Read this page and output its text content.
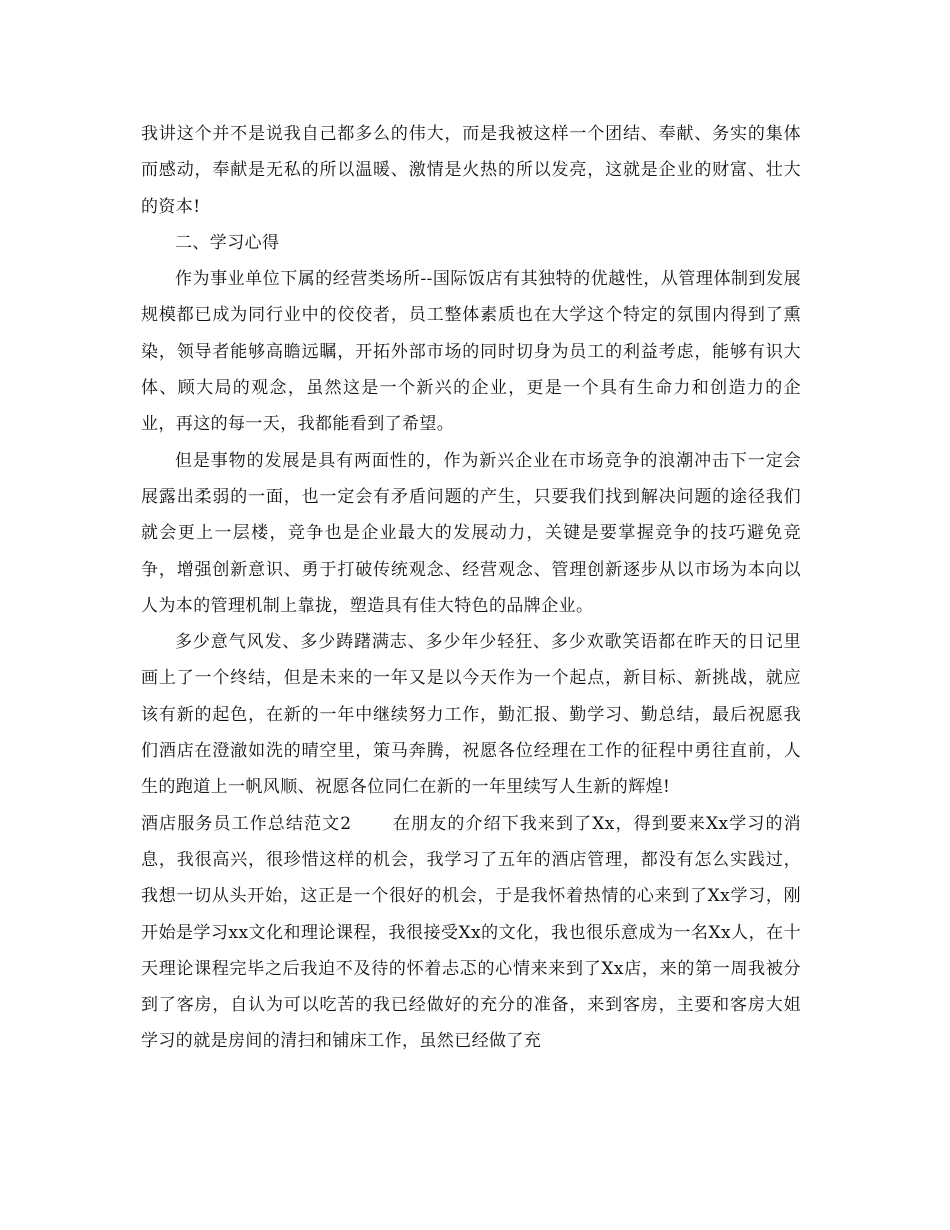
我讲这个并不是说我自己都多么的伟大，而是我被这样一个团结、奉献、务实的集体而感动，奉献是无私的所以温暖、激情是火热的所以发亮，这就是企业的财富、壮大的资本!

二、学习心得

作为事业单位下属的经营类场所--国际饭店有其独特的优越性，从管理体制到发展规模都已成为同行业中的佼佼者，员工整体素质也在大学这个特定的氛围内得到了熏染，领导者能够高瞻远瞩，开拓外部市场的同时切身为员工的利益考虑，能够有识大体、顾大局的观念，虽然这是一个新兴的企业，更是一个具有生命力和创造力的企业，再这的每一天，我都能看到了希望。

但是事物的发展是具有两面性的，作为新兴企业在市场竞争的浪潮冲击下一定会展露出柔弱的一面，也一定会有矛盾问题的产生，只要我们找到解决问题的途径我们就会更上一层楼，竞争也是企业最大的发展动力，关键是要掌握竞争的技巧避免竞争，增强创新意识、勇于打破传统观念、经营观念、管理创新逐步从以市场为本向以人为本的管理机制上靠拢，塑造具有佳大特色的品牌企业。

多少意气风发、多少踌躇满志、多少年少轻狂、多少欢歌笑语都在昨天的日记里画上了一个终结，但是未来的一年又是以今天作为一个起点，新目标、新挑战，就应该有新的起色，在新的一年中继续努力工作，勤汇报、勤学习、勤总结，最后祝愿我们酒店在澄澈如洗的晴空里，策马奔腾，祝愿各位经理在工作的征程中勇往直前，人生的跑道上一帆风顺、祝愿各位同仁在新的一年里续写人生新的辉煌!

酒店服务员工作总结范文2 在朋友的介绍下我来到了Xx，得到要来Xx学习的消息，我很高兴，很珍惜这样的机会，我学习了五年的酒店管理，都没有怎么实践过，我想一切从头开始，这正是一个很好的机会，于是我怀着热情的心来到了Xx学习，刚开始是学习xx文化和理论课程，我很接受Xx的文化，我也很乐意成为一名Xx人，在十天理论课程完毕之后我迫不及待的怀着忐忑的心情来来到了Xx店，来的第一周我被分到了客房，自认为可以吃苦的我已经做好的充分的准备，来到客房，主要和客房大姐学习的就是房间的清扫和铺床工作，虽然已经做了充
